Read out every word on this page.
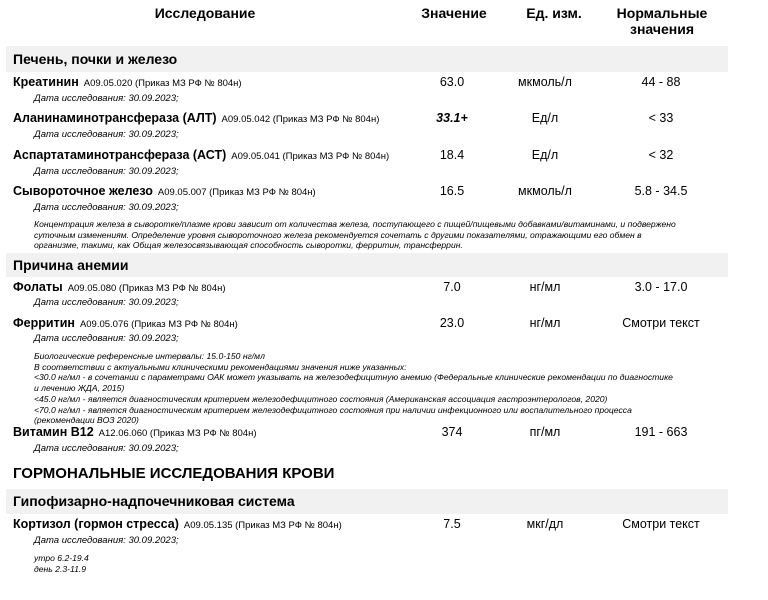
Исследование	Значение	Ед. изм.	Нормальные
значения
Печень, почки и железо
Креатинин A09.05.020 (Приказ МЗ РФ № 804н)	63.0	мкмоль/л	44 - 88
Дата исследования: 30.09.2023;
Аланинаминотрансфераза (АЛТ) A09.05.042 (Приказ МЗ РФ № 804н)	33.1+	Ед/л	< 33
Дата исследования: 30.09.2023;
Аспартатаминотрансфераза (АСТ) A09.05.041 (Приказ МЗ РФ № 804н)	18.4	Ед/л	< 32
Дата исследования: 30.09.2023;
Сывороточное железо A09.05.007 (Приказ МЗ РФ № 804н)	16.5	мкмоль/л	5.8 - 34.5
Дата исследования: 30.09.2023;
Концентрация железа в сыворотке/плазме крови зависит от количества железа, поступающего с пищей/пищевыми добавками/витаминами, и подвержено
суточным изменениям. Определение уровня сывороточного железа рекомендуется сочетать с другими показателями, отражающими его обмен в
организме, такими, как Общая железосвязывающая способность сыворотки, ферритин, трансферрин.
Причина анемии
Фолаты A09.05.080 (Приказ МЗ РФ № 804н)	7.0	нг/мл	3.0 - 17.0
Дата исследования: 30.09.2023;
Ферритин A09.05.076 (Приказ МЗ РФ № 804н)	23.0	нг/мл	Смотри текст
Дата исследования: 30.09.2023;
Биологические референсные интервалы: 15.0-150 нг/мл
В соответствии с актуальными клиническими рекомендациями значения ниже указанных:
<30.0 нг/мл - в сочетании с параметрами ОАК может указывать на железодефицитную анемию (Федеральные клинические рекомендации по диагностике
и лечению ЖДА, 2015)
<45.0 нг/мл - является диагностическим критерием железодефицитного состояния (Американская ассоциация гастроэнтерологов, 2020)
<70.0 нг/мл - является диагностическим критерием железодефицитного состояния при наличии инфекционного или воспалительного процесса
(рекомендации ВОЗ 2020)
Витамин В12 A12.06.060 (Приказ МЗ РФ № 804н)	374	пг/мл	191 - 663
Дата исследования: 30.09.2023;
ГОРМОНАЛЬНЫЕ ИССЛЕДОВАНИЯ КРОВИ
Гипофизарно-надпочечниковая система
Кортизол (гормон стресса) A09.05.135 (Приказ МЗ РФ № 804н)	7.5	мкг/дл	Смотри текст
Дата исследования: 30.09.2023;
утро 6.2-19.4
день 2.3-11.9
